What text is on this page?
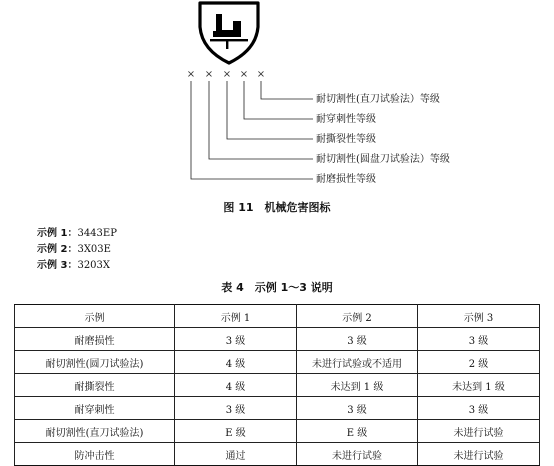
× × × × ×
耐切割性(直刀试验法）等级
耐穿刺性等级
耐撕裂性等级
耐切割性(圆盘刀试验法）等级
耐磨损性等级
图 11　机械危害图标
示例 1：3443EP
示例 2：3X03E
示例 3：3203X
表 4　示例 1～3 说明
示例	示例 1	示例 2	示例 3
耐磨损性	3 级	3 级	3 级
耐切割性(圆刀试验法)	4 级	未进行试验或不适用	2 级
耐撕裂性	4 级	未达到 1 级	未达到 1 级
耐穿刺性	3 级	3 级	3 级
耐切割性(直刀试验法)	E 级	E 级	未进行试验
防冲击性	通过	未进行试验	未进行试验
